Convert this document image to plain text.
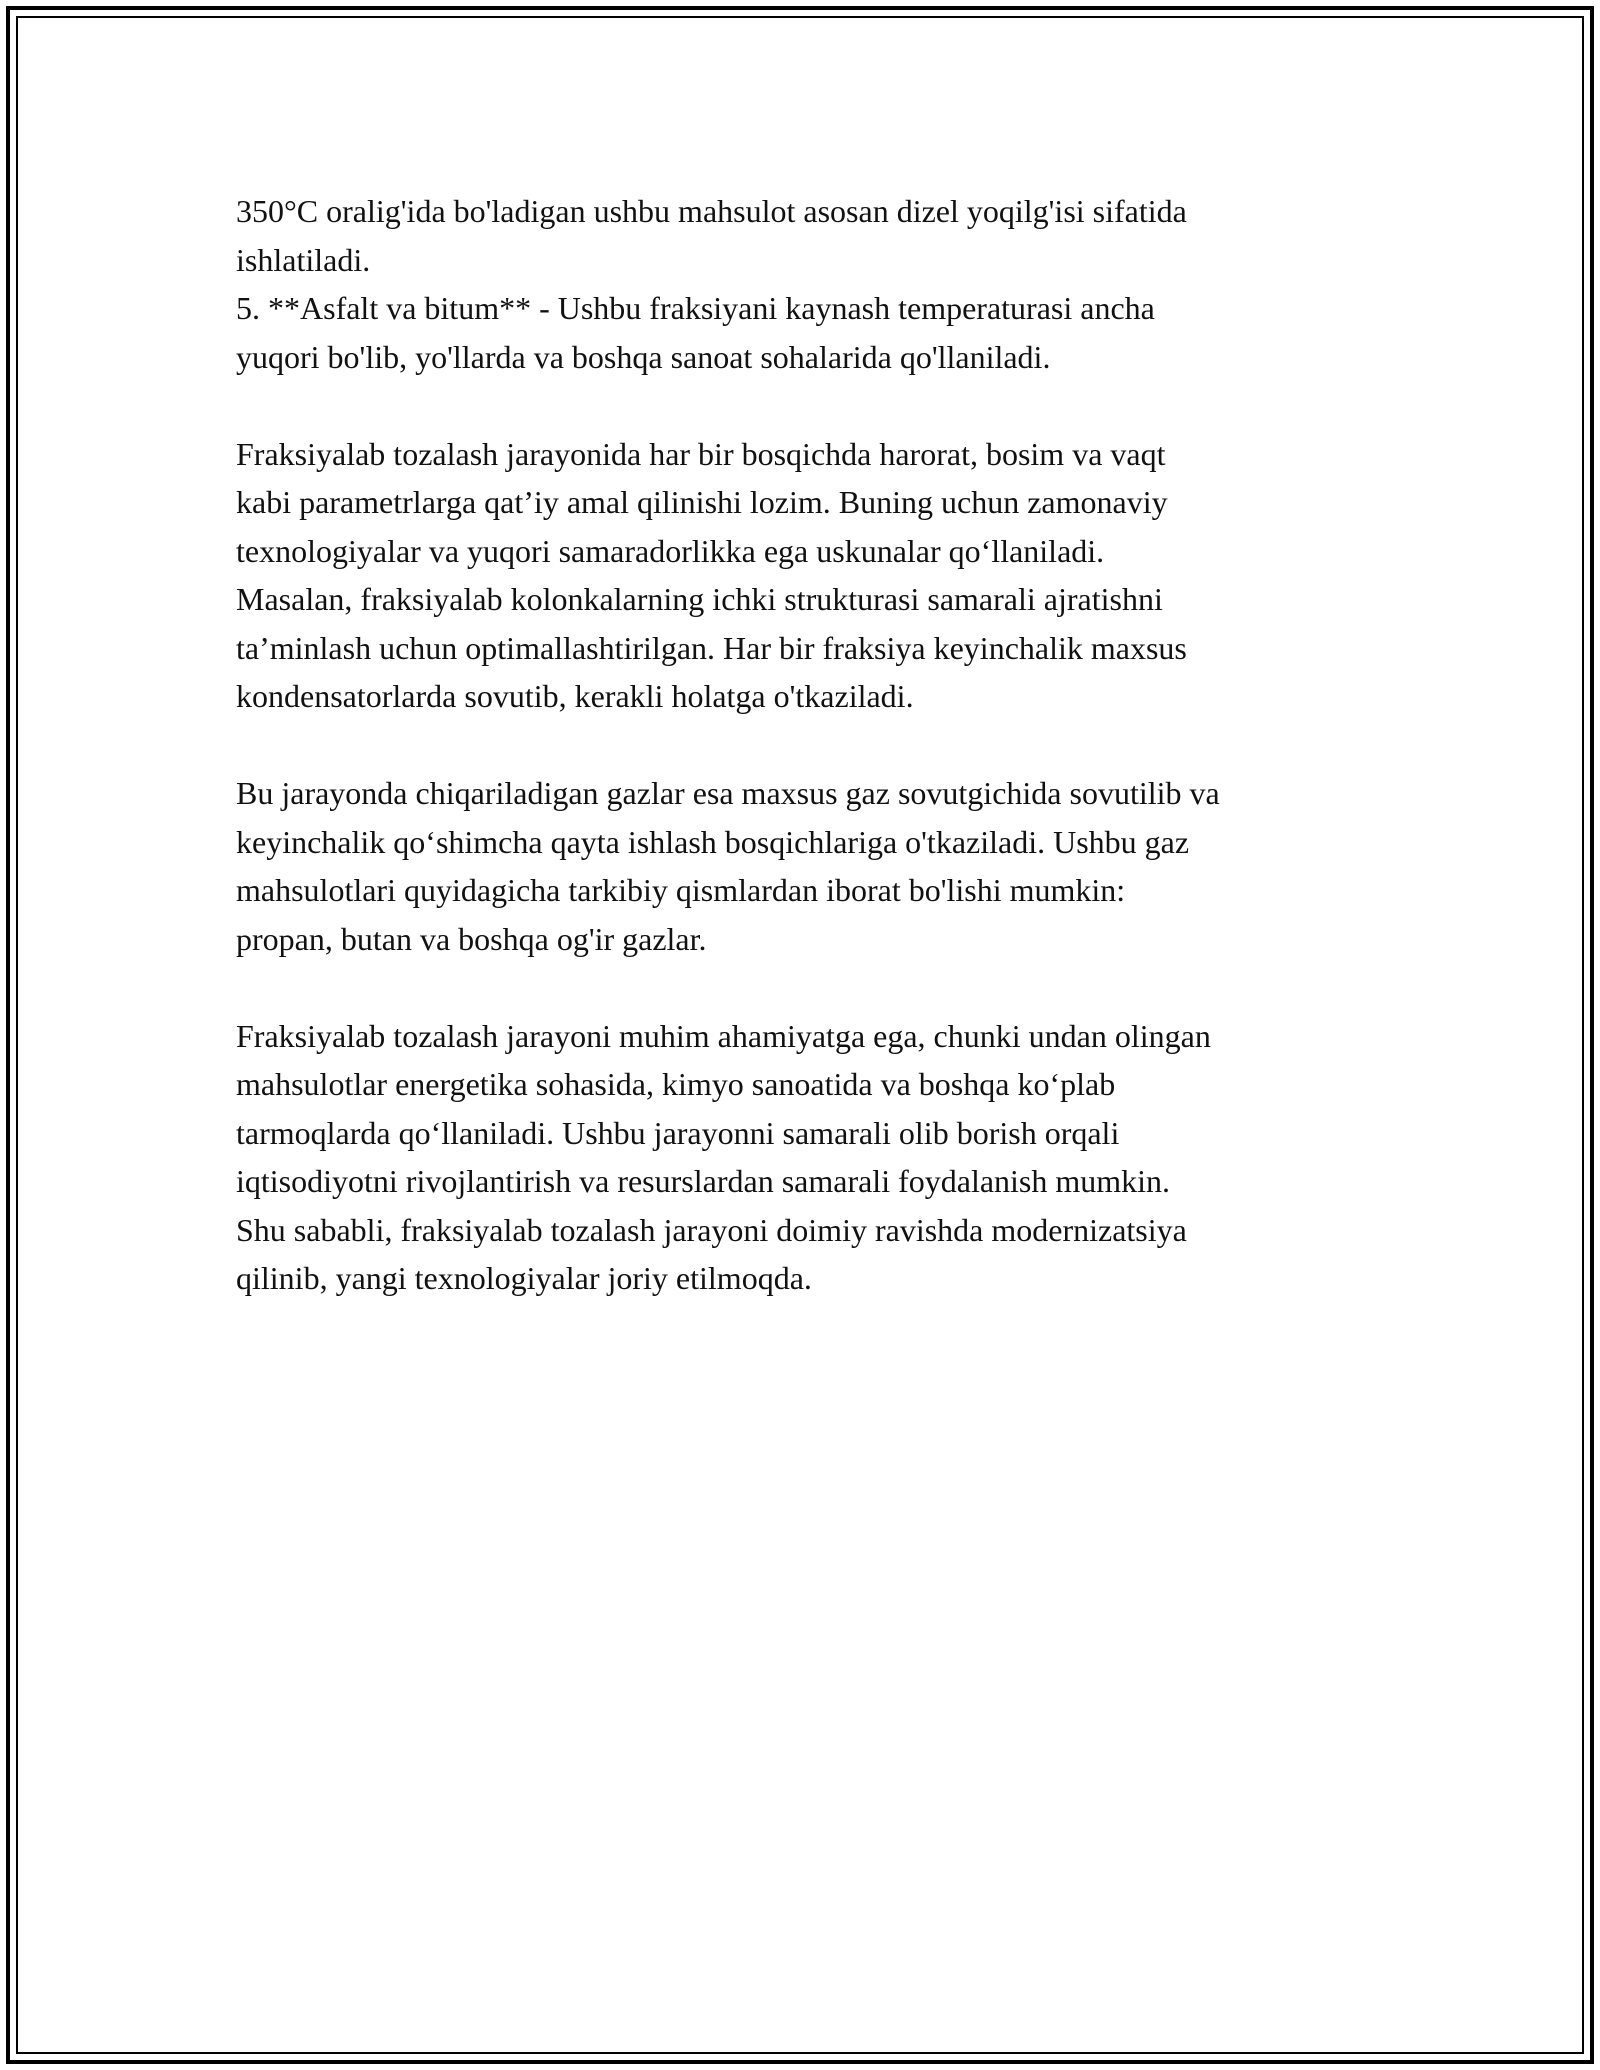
350°C oralig'ida bo'ladigan ushbu mahsulot asosan dizel yoqilg'isi sifatida
ishlatiladi.
5. **Asfalt va bitum** - Ushbu fraksiyani kaynash temperaturasi ancha
yuqori bo'lib, yo'llarda va boshqa sanoat sohalarida qo'llaniladi.
Fraksiyalab tozalash jarayonida har bir bosqichda harorat, bosim va vaqt
kabi parametrlarga qat’iy amal qilinishi lozim. Buning uchun zamonaviy
texnologiyalar va yuqori samaradorlikka ega uskunalar qo‘llaniladi.
Masalan, fraksiyalab kolonkalarning ichki strukturasi samarali ajratishni
ta’minlash uchun optimallashtirilgan. Har bir fraksiya keyinchalik maxsus
kondensatorlarda sovutib, kerakli holatga o'tkaziladi.
Bu jarayonda chiqariladigan gazlar esa maxsus gaz sovutgichida sovutilib va
keyinchalik qo‘shimcha qayta ishlash bosqichlariga o'tkaziladi. Ushbu gaz
mahsulotlari quyidagicha tarkibiy qismlardan iborat bo'lishi mumkin:
propan, butan va boshqa og'ir gazlar.
Fraksiyalab tozalash jarayoni muhim ahamiyatga ega, chunki undan olingan
mahsulotlar energetika sohasida, kimyo sanoatida va boshqa ko‘plab
tarmoqlarda qo‘llaniladi. Ushbu jarayonni samarali olib borish orqali
iqtisodiyotni rivojlantirish va resurslardan samarali foydalanish mumkin.
Shu sababli, fraksiyalab tozalash jarayoni doimiy ravishda modernizatsiya
qilinib, yangi texnologiyalar joriy etilmoqda.
